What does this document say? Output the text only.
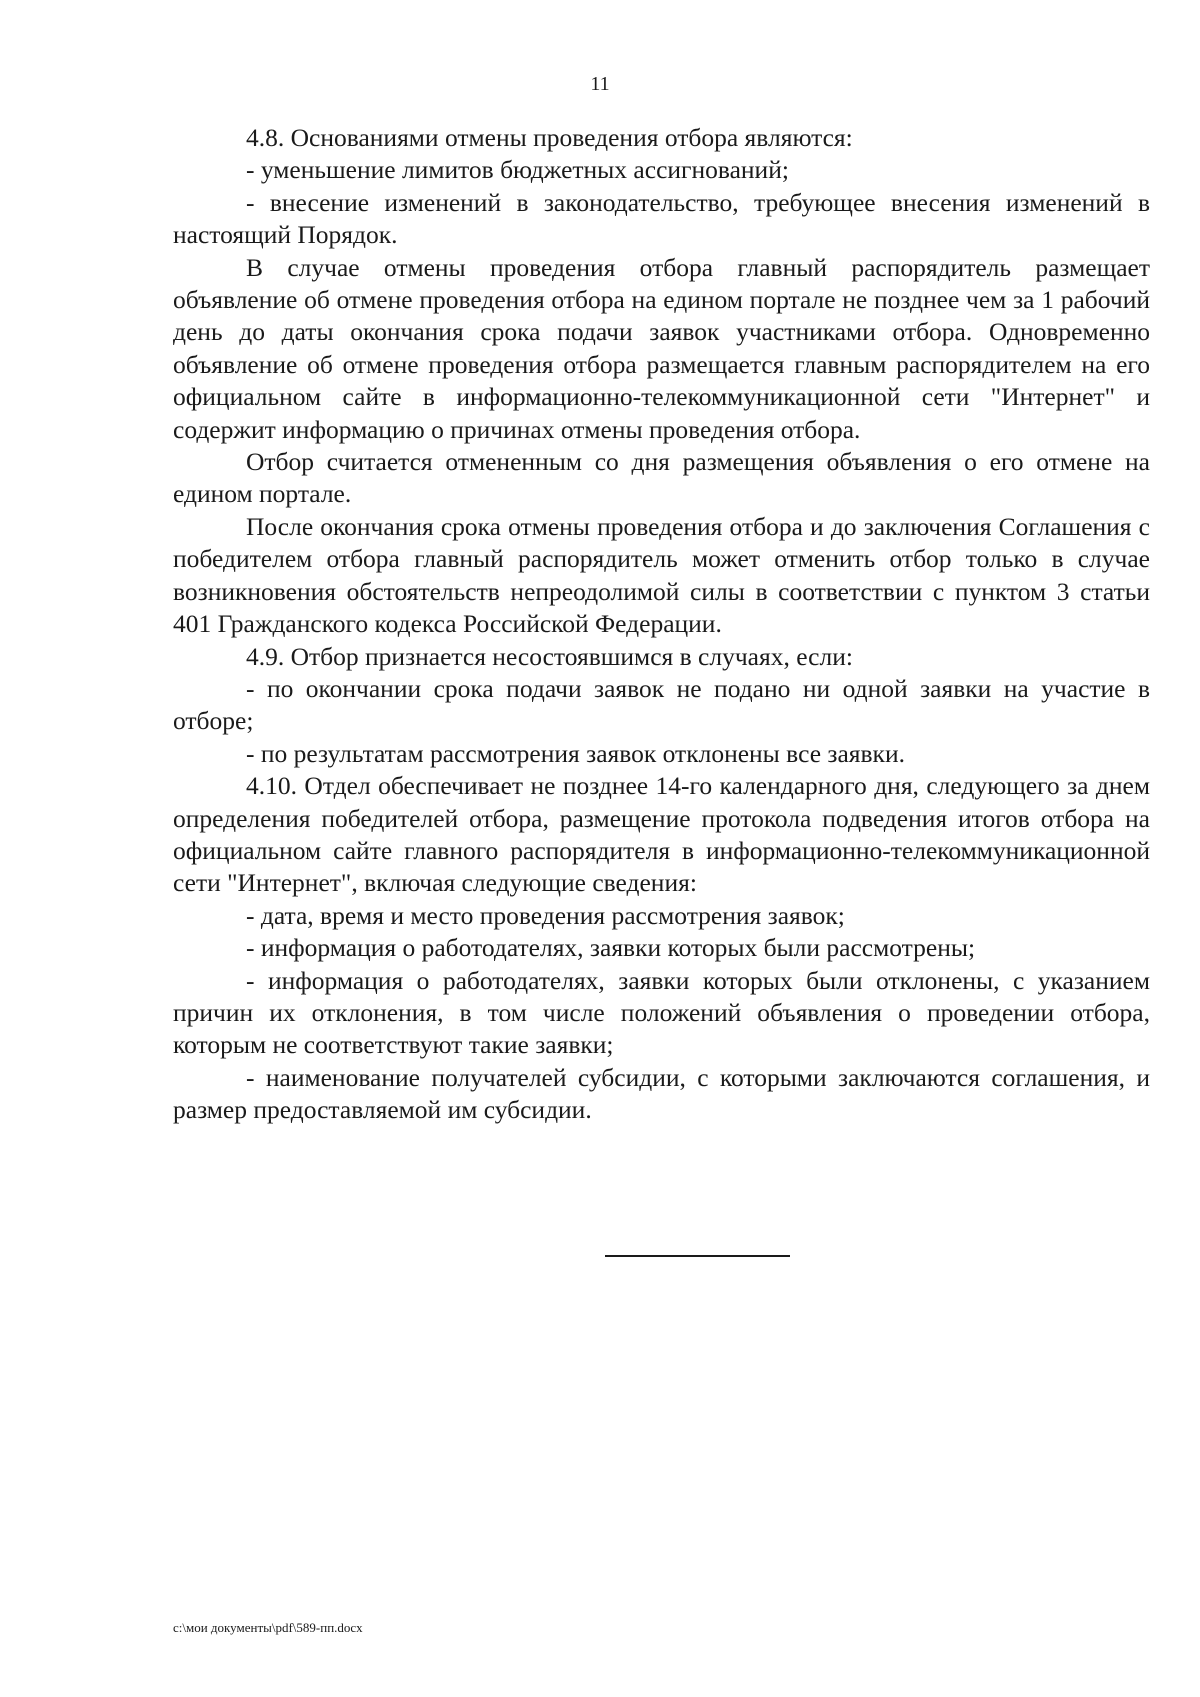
11

4.8. Основаниями отмены проведения отбора являются:

- уменьшение лимитов бюджетных ассигнований;

- внесение изменений в законодательство, требующее внесения изменений в настоящий Порядок.

В случае отмены проведения отбора главный распорядитель размещает объявление об отмене проведения отбора на едином портале не позднее чем за 1 рабочий день до даты окончания срока подачи заявок участниками отбора. Одновременно объявление об отмене проведения отбора размещается главным распорядителем на его официальном сайте в информационно-телекоммуникационной сети "Интернет" и содержит информацию о причинах отмены проведения отбора.

Отбор считается отмененным со дня размещения объявления о его отмене на едином портале.

После окончания срока отмены проведения отбора и до заключения Соглашения с победителем отбора главный распорядитель может отменить отбор только в случае возникновения обстоятельств непреодолимой силы в соответствии с пунктом 3 статьи 401 Гражданского кодекса Российской Федерации.

4.9. Отбор признается несостоявшимся в случаях, если:

- по окончании срока подачи заявок не подано ни одной заявки на участие в отборе;

- по результатам рассмотрения заявок отклонены все заявки.

4.10. Отдел обеспечивает не позднее 14-го календарного дня, следующего за днем определения победителей отбора, размещение протокола подведения итогов отбора на официальном сайте главного распорядителя в информационно-телекоммуникационной сети "Интернет", включая следующие сведения:

- дата, время и место проведения рассмотрения заявок;

- информация о работодателях, заявки которых были рассмотрены;

- информация о работодателях, заявки которых были отклонены, с указанием причин их отклонения, в том числе положений объявления о проведении отбора, которым не соответствуют такие заявки;

- наименование получателей субсидии, с которыми заключаются соглашения, и размер предоставляемой им субсидии.

c:\мои документы\pdf\589-пп.docx
